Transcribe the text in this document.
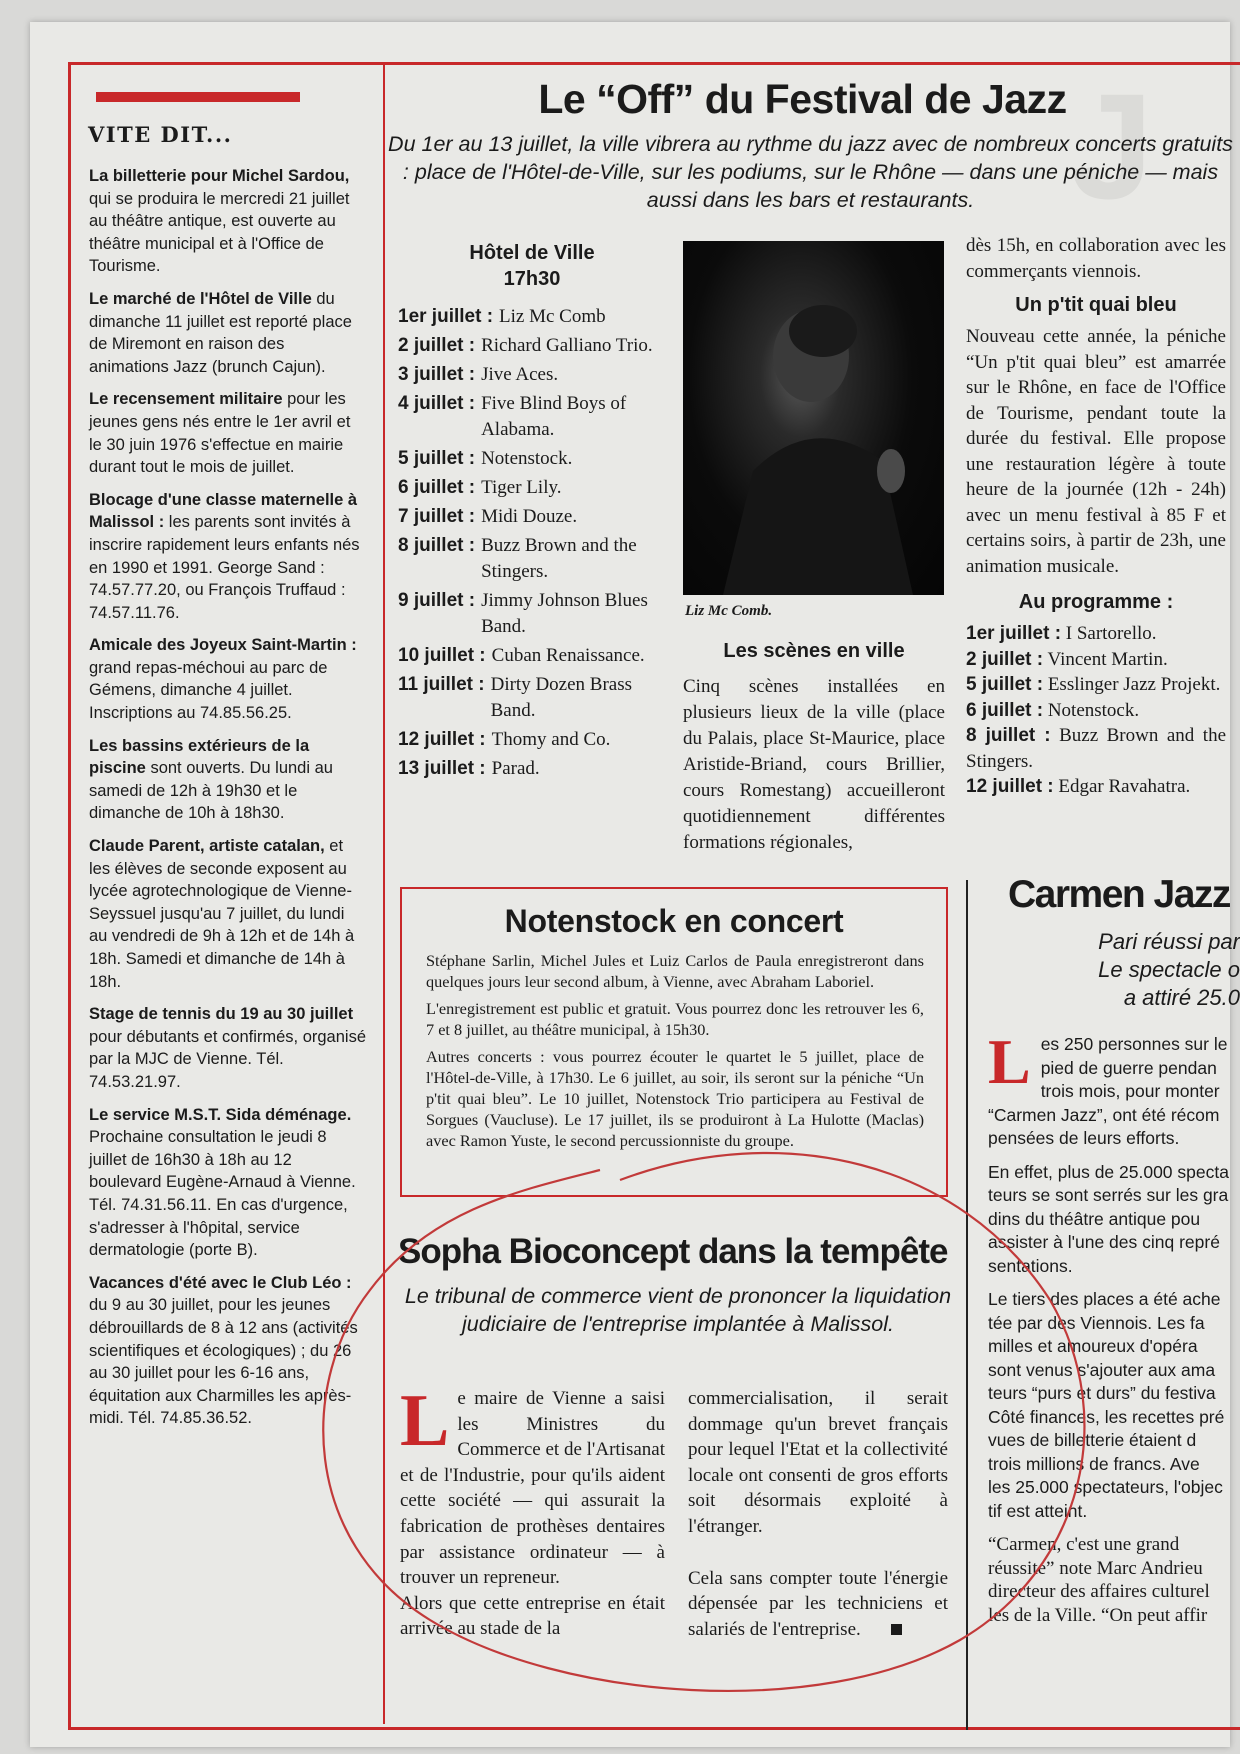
J
VITE DIT...
La billetterie pour Michel Sardou, qui se produira le mercredi 21 juillet au théâtre antique, est ouverte au théâtre municipal et à l'Office de Tourisme.
Le marché de l'Hôtel de Ville du dimanche 11 juillet est reporté place de Miremont en raison des animations Jazz (brunch Cajun).
Le recensement militaire pour les jeunes gens nés entre le 1er avril et le 30 juin 1976 s'effectue en mairie durant tout le mois de juillet.
Blocage d'une classe maternelle à Malissol : les parents sont invités à inscrire rapidement leurs enfants nés en 1990 et 1991. George Sand : 74.57.77.20, ou François Truffaud : 74.57.11.76.
Amicale des Joyeux Saint-Martin : grand repas-méchoui au parc de Gémens, dimanche 4 juillet. Inscriptions au 74.85.56.25.
Les bassins extérieurs de la piscine sont ouverts. Du lundi au samedi de 12h à 19h30 et le dimanche de 10h à 18h30.
Claude Parent, artiste catalan, et les élèves de seconde exposent au lycée agrotechnologique de Vienne-Seyssuel jusqu'au 7 juillet, du lundi au vendredi de 9h à 12h et de 14h à 18h. Samedi et dimanche de 14h à 18h.
Stage de tennis du 19 au 30 juillet pour débutants et confirmés, organisé par la MJC de Vienne. Tél. 74.53.21.97.
Le service M.S.T. Sida déménage. Prochaine consultation le jeudi 8 juillet de 16h30 à 18h au 12 boulevard Eugène-Arnaud à Vienne. Tél. 74.31.56.11. En cas d'urgence, s'adresser à l'hôpital, service dermatologie (porte B).
Vacances d'été avec le Club Léo : du 9 au 30 juillet, pour les jeunes débrouillards de 8 à 12 ans (activités scientifiques et écologiques) ; du 26 au 30 juillet pour les 6-16 ans, équitation aux Charmilles les après-midi. Tél. 74.85.36.52.
Le “Off” du Festival de Jazz
Du 1er au 13 juillet, la ville vibrera au rythme du jazz avec de nombreux concerts gratuits : place de l'Hôtel-de-Ville, sur les podiums, sur le Rhône — dans une péniche — mais aussi dans les bars et restaurants.
Hôtel de Ville
17h30
1er juillet : Liz Mc Comb
2 juillet : Richard Galliano Trio.
3 juillet : Jive Aces.
4 juillet : Five Blind Boys of Alabama.
5 juillet : Notenstock.
6 juillet : Tiger Lily.
7 juillet : Midi Douze.
8 juillet : Buzz Brown and the Stingers.
9 juillet : Jimmy Johnson Blues Band.
10 juillet : Cuban Renaissance.
11 juillet : Dirty Dozen Brass Band.
12 juillet : Thomy and Co.
13 juillet : Parad.
Liz Mc Comb.
Les scènes en ville
Cinq scènes installées en plusieurs lieux de la ville (place du Palais, place St-Maurice, place Aristide-Briand, cours Brillier, cours Romestang) accueilleront quotidiennement différentes formations régionales,
dès 15h, en collaboration avec les commerçants viennois.
Un p'tit quai bleu
Nouveau cette année, la péniche “Un p'tit quai bleu” est amarrée sur le Rhône, en face de l'Office de Tourisme, pendant toute la durée du festival. Elle propose une restauration légère à toute heure de la journée (12h - 24h) avec un menu festival à 85 F et certains soirs, à partir de 23h, une animation musicale.
Au programme :
1er juillet : I Sartorello.
2 juillet : Vincent Martin.
5 juillet : Esslinger Jazz Projekt.
6 juillet : Notenstock.
8 juillet : Buzz Brown and the Stingers.
12 juillet : Edgar Ravahatra.
Notenstock en concert

Stéphane Sarlin, Michel Jules et Luiz Carlos de Paula enregistreront dans quelques jours leur second album, à Vienne, avec Abraham Laboriel.

L'enregistrement est public et gratuit. Vous pourrez donc les retrouver les 6, 7 et 8 juillet, au théâtre municipal, à 15h30.

Autres concerts : vous pourrez écouter le quartet le 5 juillet, place de l'Hôtel-de-Ville, à 17h30. Le 6 juillet, au soir, ils seront sur la péniche “Un p'tit quai bleu”. Le 10 juillet, Notenstock Trio participera au Festival de Sorgues (Vaucluse). Le 17 juillet, ils se produiront à La Hulotte (Maclas) avec Ramon Yuste, le second percussionniste du groupe.

Sopha Bioconcept dans la tempête
Le tribunal de commerce vient de prononcer la liquidation judiciaire de l'entreprise implantée à Malissol.
L e maire de Vienne a saisi les Ministres du Commerce et de l'Artisanat et de l'Industrie, pour qu'ils aident cette société — qui assurait la fabrication de prothèses dentaires par assistance ordinateur — à trouver un repreneur.
Alors que cette entreprise en était arrivée au stade de la
commercialisation, il serait dommage qu'un brevet français pour lequel l'Etat et la collectivité locale ont consenti de gros efforts soit désormais exploité à l'étranger.
Cela sans compter toute l'énergie dépensée par les techniciens et salariés de l'entreprise.
Carmen Jazz
Pari réussi par
Le spectacle o
a attiré 25.0

Les 250 personnes sur le
pied de guerre pendan
trois mois, pour monter
“Carmen Jazz”, ont été récom
pensées de leurs efforts.

En effet, plus de 25.000 specta
teurs se sont serrés sur les gra
dins du théâtre antique pou
assister à l'une des cinq repré
sentations.

Le tiers des places a été ache
tée par des Viennois. Les fa
milles et amoureux d'opéra
sont venus s'ajouter aux ama
teurs “purs et durs” du festiva
Côté finances, les recettes pré
vues de billetterie étaient d
trois millions de francs. Ave
les 25.000 spectateurs, l'objec
tif est atteint.

“Carmen, c'est une grand
réussite” note Marc Andrieu
directeur des affaires culturel
les de la Ville. “On peut affir
